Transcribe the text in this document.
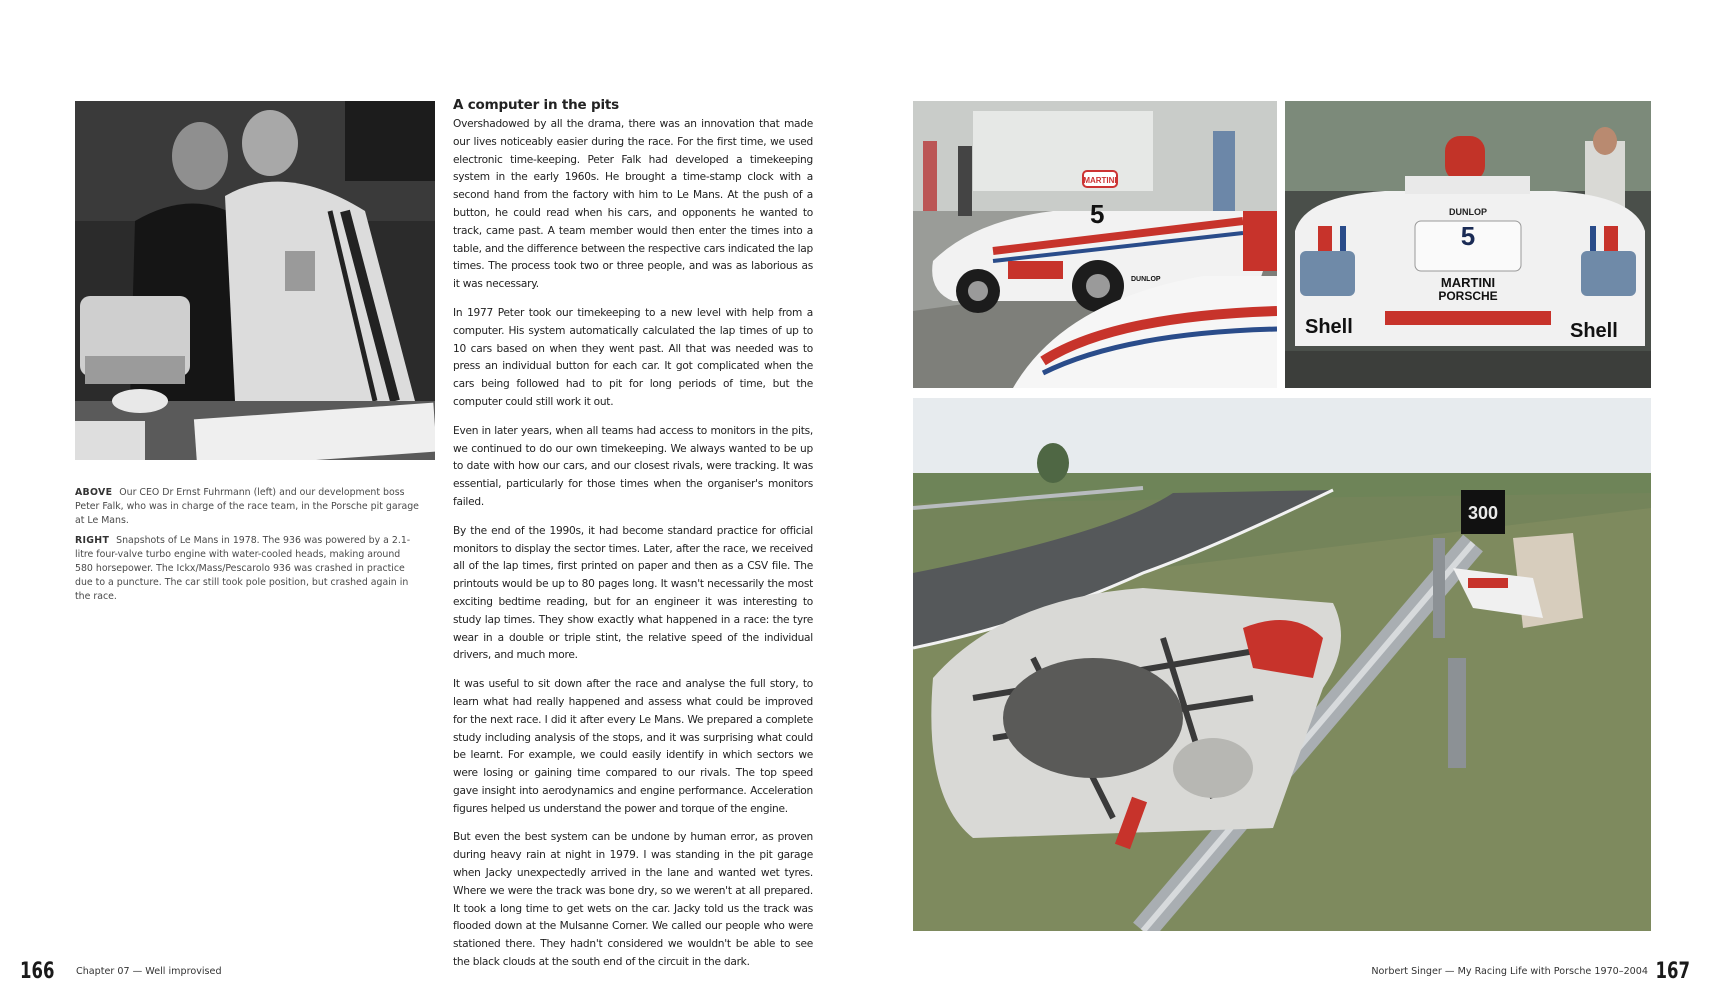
ABOVE Our CEO Dr Ernst Fuhrmann (left) and our development boss Peter Falk, who was in charge of the race team, in the Porsche pit garage at Le Mans.

RIGHT Snapshots of Le Mans in 1978. The 936 was powered by a 2.1-litre four-valve turbo engine with water-cooled heads, making around 580 horsepower. The Ickx/Mass/Pescarolo 936 was crashed in practice due to a puncture. The car still took pole position, but crashed again in the race.

A computer in the pits

Overshadowed by all the drama, there was an innovation that made our lives noticeably easier during the race. For the first time, we used electronic time-keeping. Peter Falk had developed a timekeeping system in the early 1960s. He brought a time-stamp clock with a second hand from the factory with him to Le Mans. At the push of a button, he could read when his cars, and opponents he wanted to track, came past. A team member would then enter the times into a table, and the difference between the respective cars indicated the lap times. The process took two or three people, and was as laborious as it was necessary.

In 1977 Peter took our timekeeping to a new level with help from a computer. His system automatically calculated the lap times of up to 10 cars based on when they went past. All that was needed was to press an individual button for each car. It got complicated when the cars being followed had to pit for long periods of time, but the computer could still work it out.

Even in later years, when all teams had access to monitors in the pits, we continued to do our own timekeeping. We always wanted to be up to date with how our cars, and our closest rivals, were tracking. It was essential, particularly for those times when the organiser's monitors failed.

By the end of the 1990s, it had become standard practice for official monitors to display the sector times. Later, after the race, we received all of the lap times, first printed on paper and then as a CSV file. The printouts would be up to 80 pages long. It wasn't necessarily the most exciting bedtime reading, but for an engineer it was interesting to study lap times. They show exactly what happened in a race: the tyre wear in a double or triple stint, the relative speed of the individual drivers, and much more.

It was useful to sit down after the race and analyse the full story, to learn what had really happened and assess what could be improved for the next race. I did it after every Le Mans. We prepared a complete study including analysis of the stops, and it was surprising what could be learnt. For example, we could easily identify in which sectors we were losing or gaining time compared to our rivals. The top speed gave insight into aerodynamics and engine performance. Acceleration figures helped us understand the power and torque of the engine.

But even the best system can be undone by human error, as proven during heavy rain at night in 1979. I was standing in the pit garage when Jacky unexpectedly arrived in the lane and wanted wet tyres. Where we were the track was bone dry, so we weren't at all prepared. It took a long time to get wets on the car. Jacky told us the track was flooded down at the Mulsanne Corner. We called our people who were stationed there. They hadn't considered we wouldn't be able to see the black clouds at the south end of the circuit in the dark.

MARTINI
5
DUNLOP
DUNLOP
5
MARTINI
PORSCHE
Shell	Shell
300
166 Chapter 07 — Well improvised	Norbert Singer — My Racing Life with Porsche 1970–2004 167
